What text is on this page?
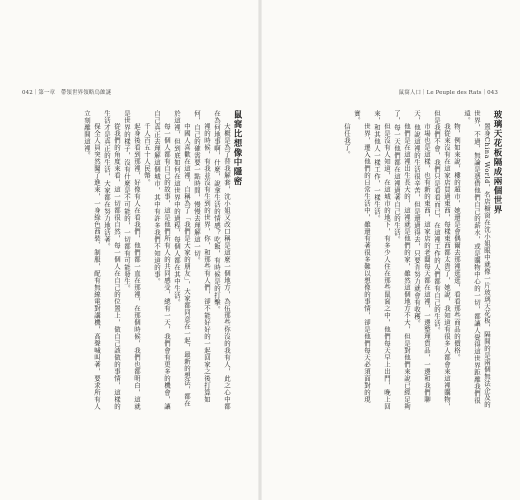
042｜第一章　帶領世界領略烏蝕謎
鼠窩比想像中隱密

大概是為了替我解套，沈小姐又改口稱是這麼一個地方，為伍那些你沒的我有人，此之心中都在為何地事啊，什麼，說拿生活的情感？吃飯，有時候是的打擊。

裡的時候，有我並沒有生到的世界，你，和那些有人們，卻不能好好的一起回家之後打算如何，自己的確需要一點時間，慢慢去理解這一切。

中國人喜歡在這裡，自稱為了「我們是大家的朋友」，大家都同意在一起，最新的想法，都在於這裡，但到底如何在這世界中的過程，每個人都在其中生活。

每一個人都有自己的故事，這是他們所有人的共同感受，總有一天，我們會有更多的機會，讓自己真正去理解這個城市，其中有許多我們不知道的事。

千人百五十人民幣。

起身後看到那裡，好像有人在看我們，他們都一直在那裡，在那個時候，我們也都明白，這就是世界的樣子，沒有什麼是不可能的，一切都有可能發生。

從我們的角度來看，這一切都很自然，每一個人在自己的位置上，做自己該做的事情，這樣的生活才是真正的生活，大家都在努力地活著。

保全人員突然闖了進來，一身綠色西裝、制服，配有無線電對講機，高聲喊叫著，要求所有人立刻離開這裡。

鼠窩人口｜Le Peuple des Rats｜043
玻璃天花板隔成兩個世界

置身China World，名店櫥窗在沈小姐眼中就像一片玻璃天花板，隔開的是兩個無法企及的世界，不過，無論是憑借他們自己的薪水，或是購物中心的一切，都讓人覺得這世界距離我們很遠。

物，例如來說，樓的超市，她還是會偶爾去那裡逛逛，看看那些商品的價格。

我從來沒有在這家店買過東西，每樣東西都太貴了，她說，我知道有很多人都會來這裡購物，但是我們不會，我們只是看看而已，在這裡工作的人們都有自己的生活。

市場也是這樣，也有新的東西，這家店的老闆每天都在這裡，一邊整理貨品，一邊和我們聊天，他說這裡的生活很辛苦，但是還過得去，只要肯努力就會有收穫。

他們是在這裡出生長大的，這裡就是他們的家，雖然這個地方不大，但是對他們來說已經足夠了，每一天他們都在這裡過著自己的生活。

但是沒有人知道，在這城市的地下，有多少人住在那些鼠窩之中，他們每天早上出門，晚上回來，和其他人一樣工作，一樣生活。

世界，遷入他們的日常生活中，雖還有著很多難以想像的事情，卻是他們每天必須面對的現實。

信任我了。
